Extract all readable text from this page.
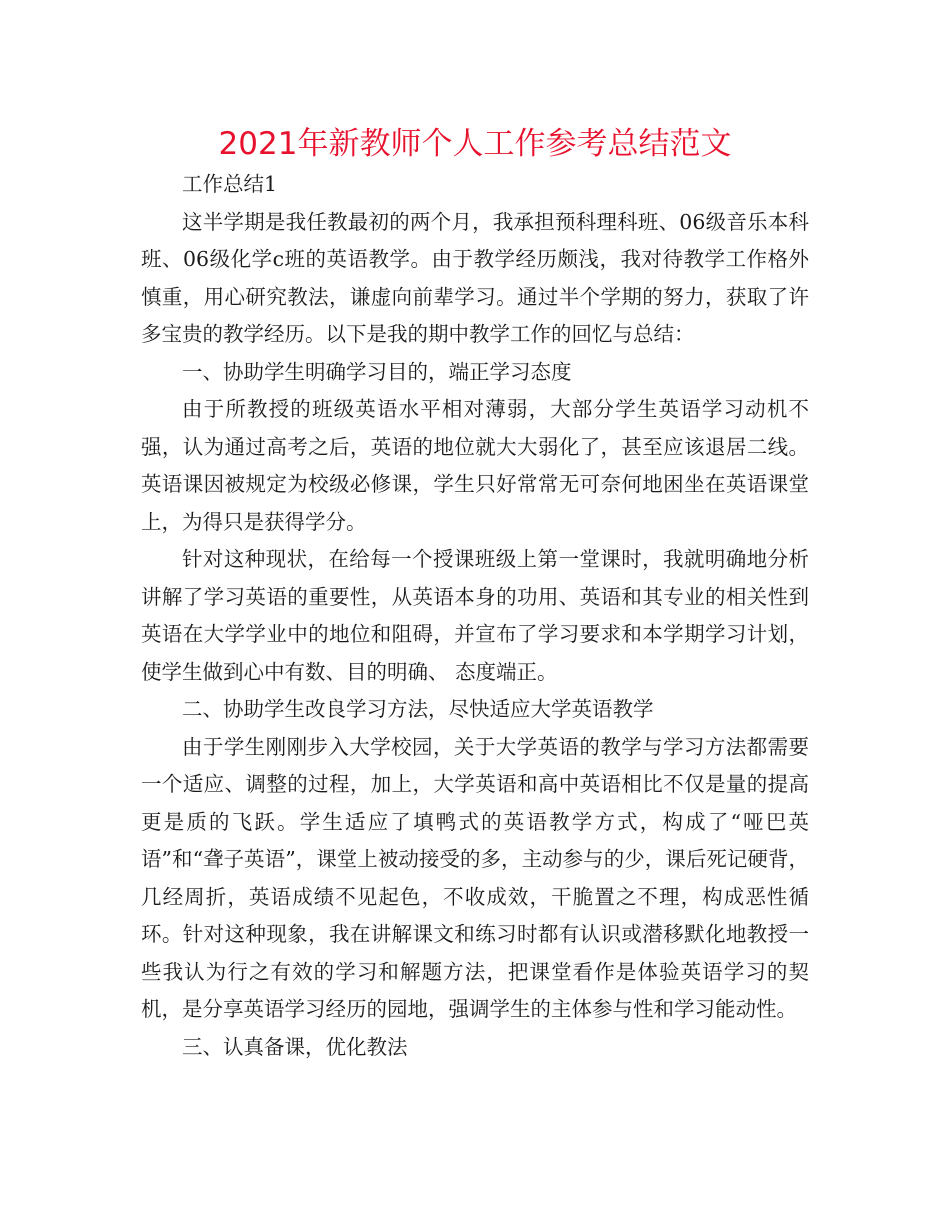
2021年新教师个人工作参考总结范文

工作总结1

这半学期是我任教最初的两个月，我承担预科理科班、06级音乐本科班、06级化学c班的英语教学。由于教学经历颇浅，我对待教学工作格外慎重，用心研究教法，谦虚向前辈学习。通过半个学期的努力，获取了许多宝贵的教学经历。以下是我的期中教学工作的回忆与总结：

一、协助学生明确学习目的，端正学习态度

由于所教授的班级英语水平相对薄弱，大部分学生英语学习动机不强，认为通过高考之后，英语的地位就大大弱化了，甚至应该退居二线。英语课因被规定为校级必修课，学生只好常常无可奈何地困坐在英语课堂上，为得只是获得学分。

针对这种现状，在给每一个授课班级上第一堂课时，我就明确地分析讲解了学习英语的重要性，从英语本身的功用、英语和其专业的相关性到英语在大学学业中的地位和阻碍，并宣布了学习要求和本学期学习计划，使学生做到心中有数、目的明确、 态度端正。

二、协助学生改良学习方法，尽快适应大学英语教学

由于学生刚刚步入大学校园，关于大学英语的教学与学习方法都需要一个适应、调整的过程，加上，大学英语和高中英语相比不仅是量的提高更是质的飞跃。学生适应了填鸭式的英语教学方式，构成了“哑巴英语”和“聋子英语”，课堂上被动接受的多，主动参与的少，课后死记硬背，几经周折，英语成绩不见起色，不收成效，干脆置之不理，构成恶性循环。针对这种现象，我在讲解课文和练习时都有认识或潜移默化地教授一些我认为行之有效的学习和解题方法，把课堂看作是体验英语学习的契机，是分享英语学习经历的园地，强调学生的主体参与性和学习能动性。

三、认真备课，优化教法
